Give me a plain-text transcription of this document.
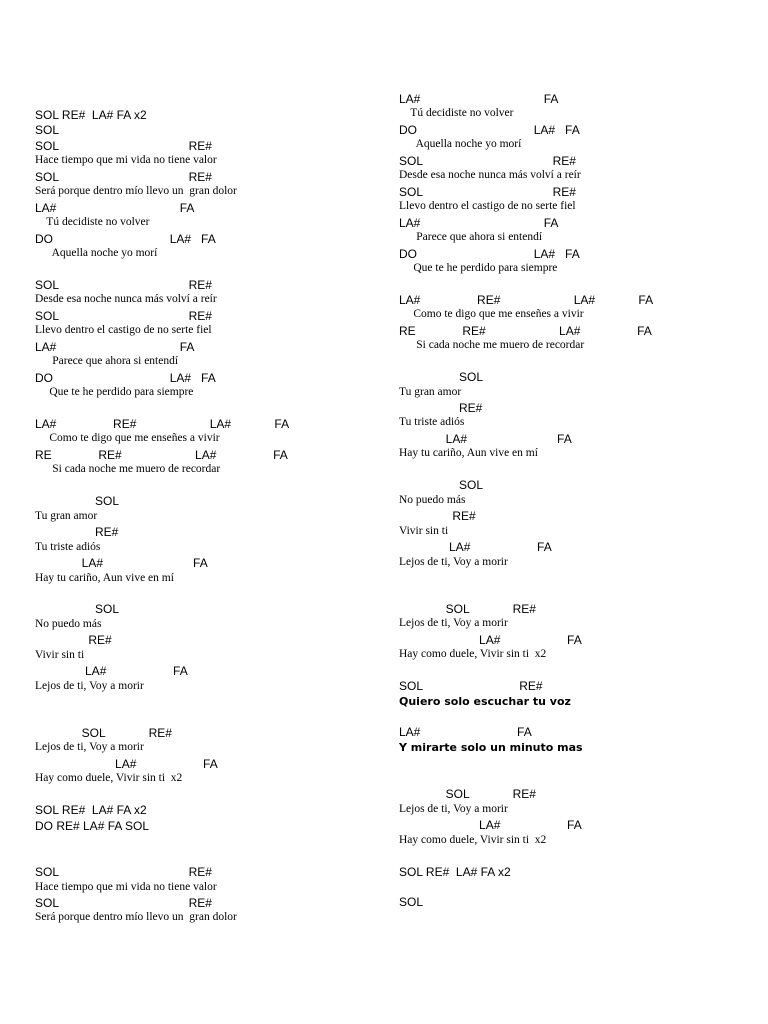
SOL RE#  LA# FA x2
SOL
SOL                                       RE#
Hace tiempo que mi vida no tiene valor
SOL                                       RE#
Será porque dentro mío llevo un  gran dolor
LA#                                     FA
Tú decidiste no volver
DO                                   LA#   FA
Aquella noche yo morí
SOL                                       RE#
Desde esa noche nunca más volví a reír
SOL                                       RE#
Llevo dentro el castigo de no serte fiel
LA#                                     FA
Parece que ahora si entendí
DO                                   LA#   FA
Que te he perdido para siempre
LA#                 RE#                      LA#             FA
Como te digo que me enseñes a vivir
RE              RE#                      LA#                 FA
Si cada noche me muero de recordar
SOL
Tu gran amor
RE#
Tu triste adiós
LA#                           FA
Hay tu cariño, Aun vive en mí
SOL
No puedo más
RE#
Vivir sin ti
LA#                    FA
Lejos de ti, Voy a morir
SOL             RE#
Lejos de ti, Voy a morir
LA#                    FA
Hay como duele, Vivir sin ti  x2
SOL RE#  LA# FA x2
DO RE# LA# FA SOL
SOL                                       RE#
Hace tiempo que mi vida no tiene valor
SOL                                       RE#
Será porque dentro mío llevo un  gran dolor
LA#                                     FA
Tú decidiste no volver
DO                                   LA#   FA
Aquella noche yo morí
SOL                                       RE#
Desde esa noche nunca más volví a reír
SOL                                       RE#
Llevo dentro el castigo de no serte fiel
LA#                                     FA
Parece que ahora si entendí
DO                                   LA#   FA
Que te he perdido para siempre
LA#                 RE#                      LA#             FA
Como te digo que me enseñes a vivir
RE              RE#                      LA#                 FA
Si cada noche me muero de recordar
SOL
Tu gran amor
RE#
Tu triste adiós
LA#                           FA
Hay tu cariño, Aun vive en mí
SOL
No puedo más
RE#
Vivir sin ti
LA#                    FA
Lejos de ti, Voy a morir
SOL             RE#
Lejos de ti, Voy a morir
LA#                    FA
Hay como duele, Vivir sin ti  x2
SOL                             RE#
Quiero solo escuchar tu voz
LA#                             FA
Y mirarte solo un minuto mas
SOL             RE#
Lejos de ti, Voy a morir
LA#                    FA
Hay como duele, Vivir sin ti  x2
SOL RE#  LA# FA x2
SOL
